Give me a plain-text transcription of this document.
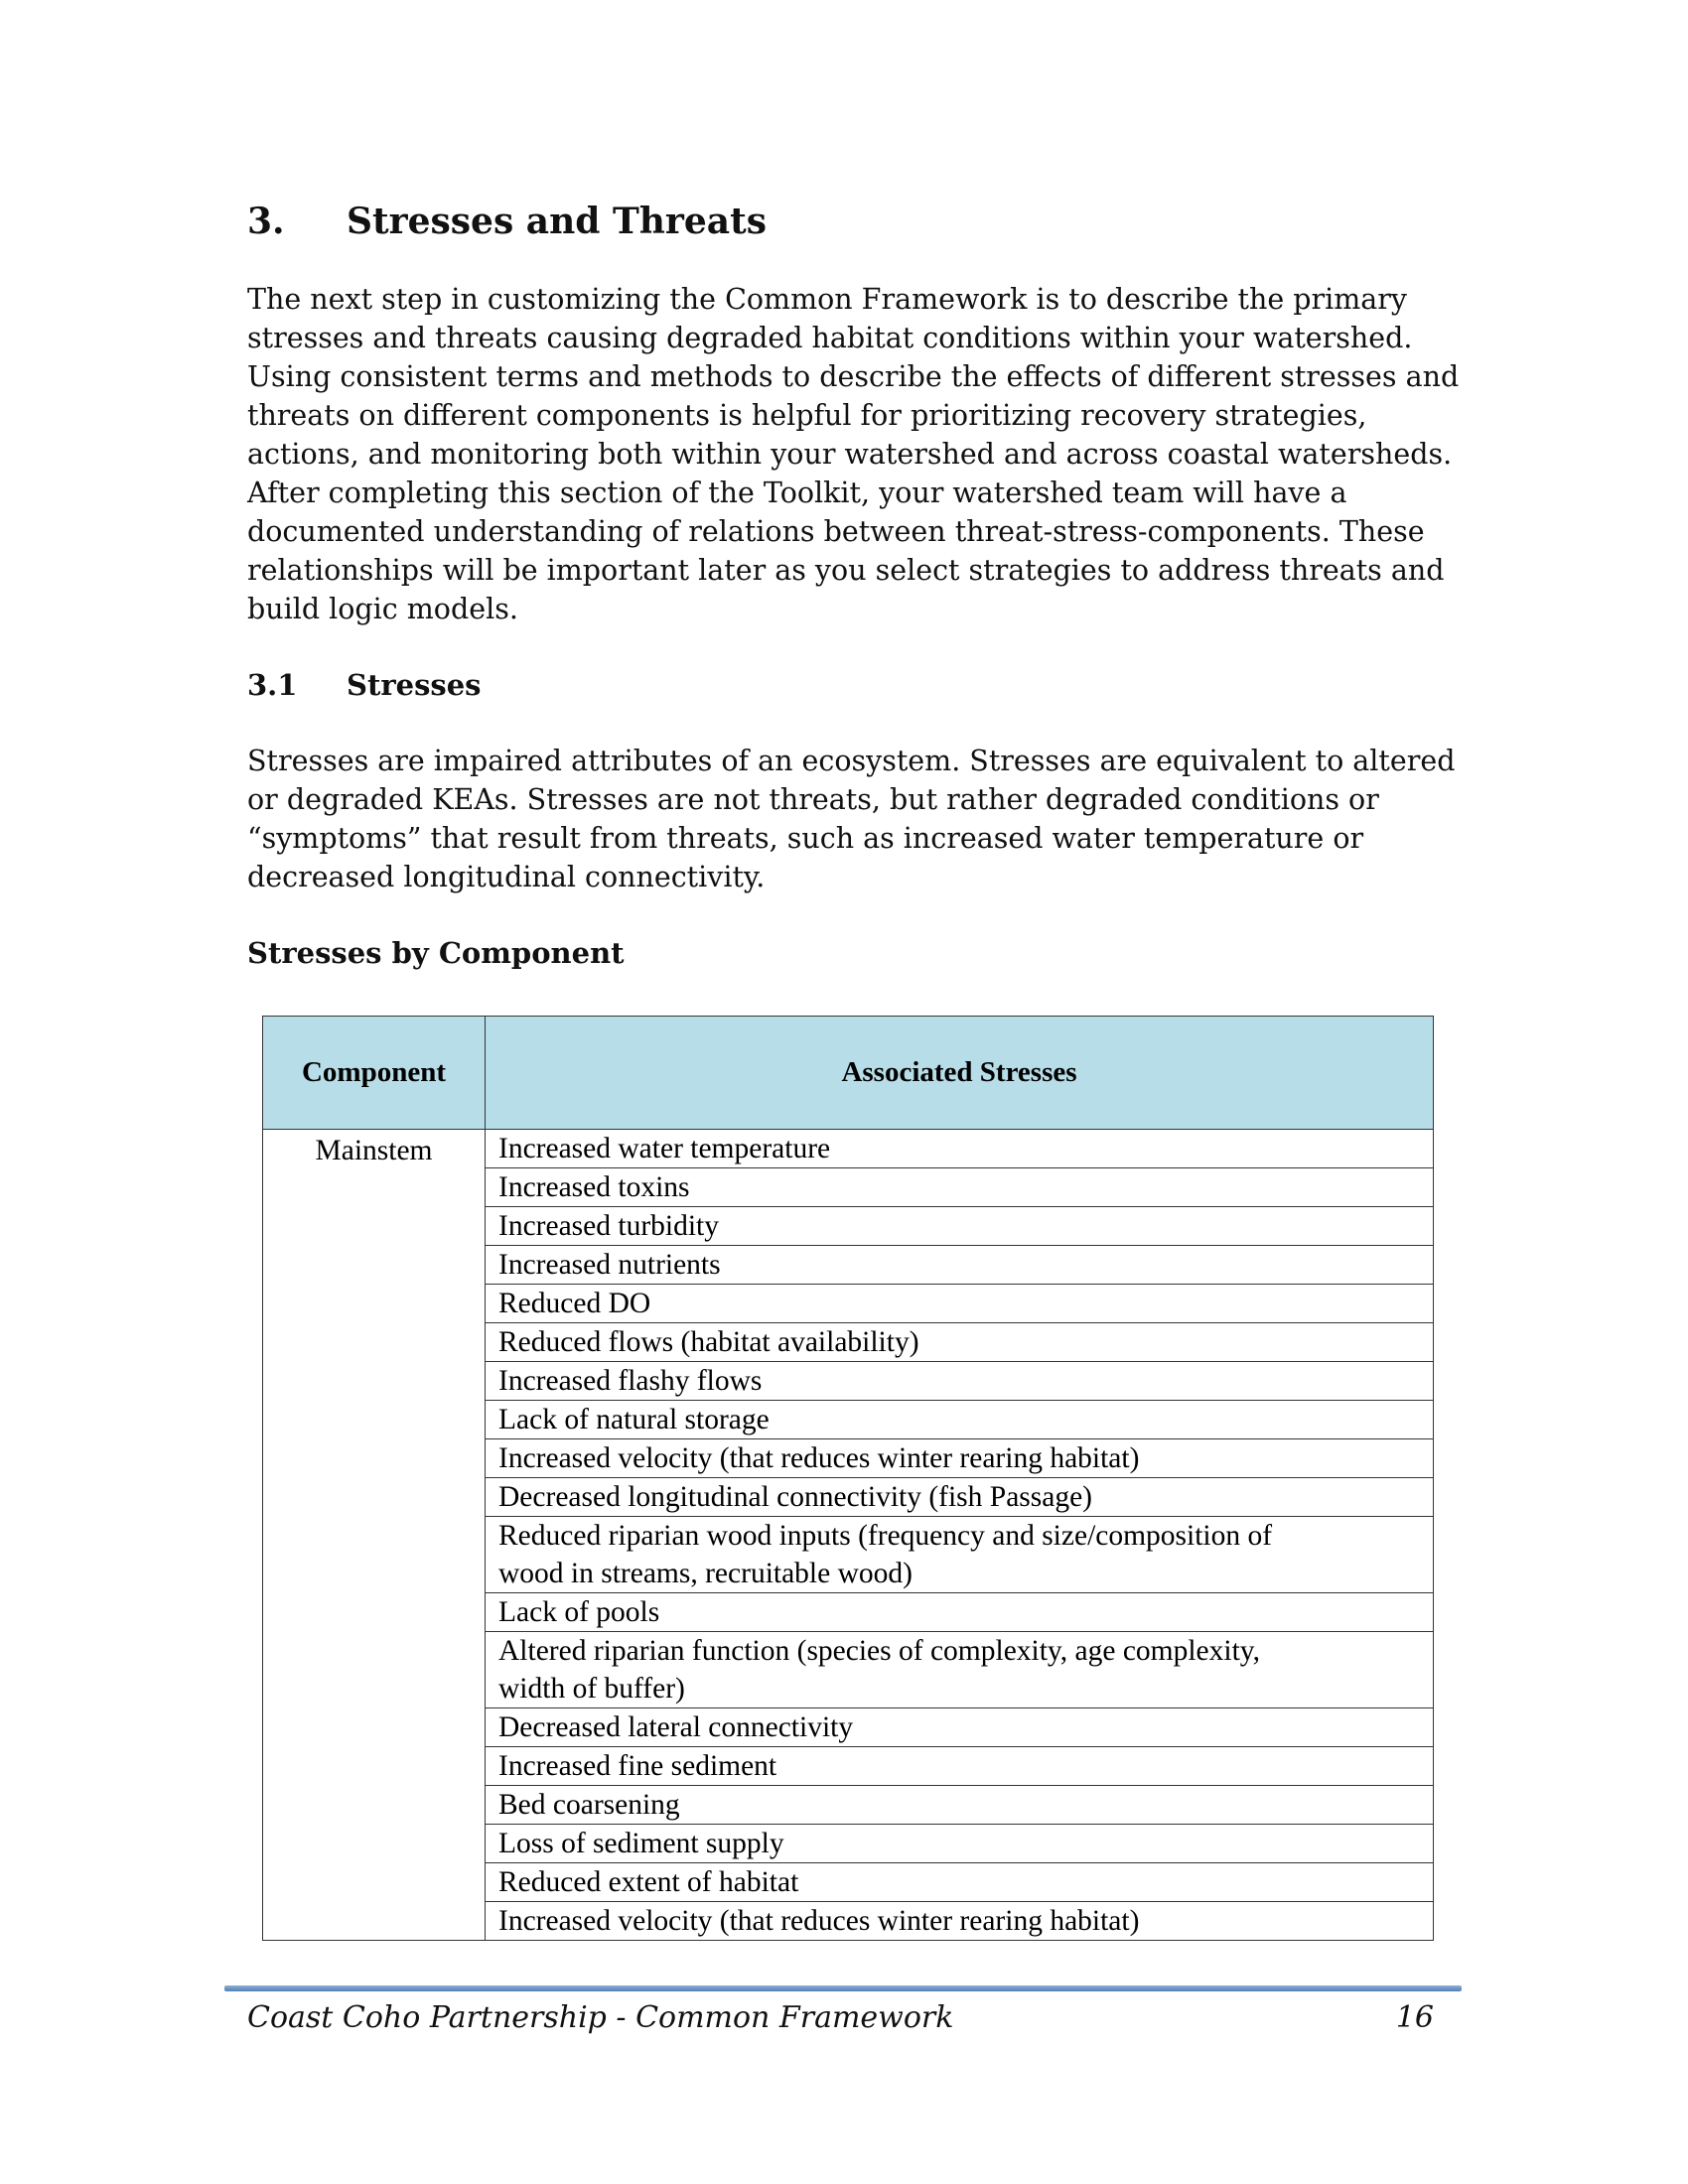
3.	Stresses and Threats
The next step in customizing the Common Framework is to describe the primary
stresses and threats causing degraded habitat conditions within your watershed.
Using consistent terms and methods to describe the effects of different stresses and
threats on different components is helpful for prioritizing recovery strategies,
actions, and monitoring both within your watershed and across coastal watersheds.
After completing this section of the Toolkit, your watershed team will have a
documented understanding of relations between threat-stress-components. These
relationships will be important later as you select strategies to address threats and
build logic models.
3.1	Stresses
Stresses are impaired attributes of an ecosystem. Stresses are equivalent to altered
or degraded KEAs. Stresses are not threats, but rather degraded conditions or
“symptoms” that result from threats, such as increased water temperature or
decreased longitudinal connectivity.
Stresses by Component
Component	Associated Stresses
Mainstem	Increased water temperature

	Increased toxins

	Increased turbidity

	Increased nutrients

	Reduced DO

	Reduced flows (habitat availability)

	Increased flashy flows

	Lack of natural storage

	Increased velocity (that reduces winter rearing habitat)

	Decreased longitudinal connectivity (fish Passage)

	Reduced riparian wood inputs (frequency and size/composition of
wood in streams, recruitable wood)

	Lack of pools

	Altered riparian function (species of complexity, age complexity,
width of buffer)

	Decreased lateral connectivity

	Increased fine sediment

	Bed coarsening

	Loss of sediment supply

	Reduced extent of habitat

	Increased velocity (that reduces winter rearing habitat)
Coast Coho Partnership - Common Framework	16
